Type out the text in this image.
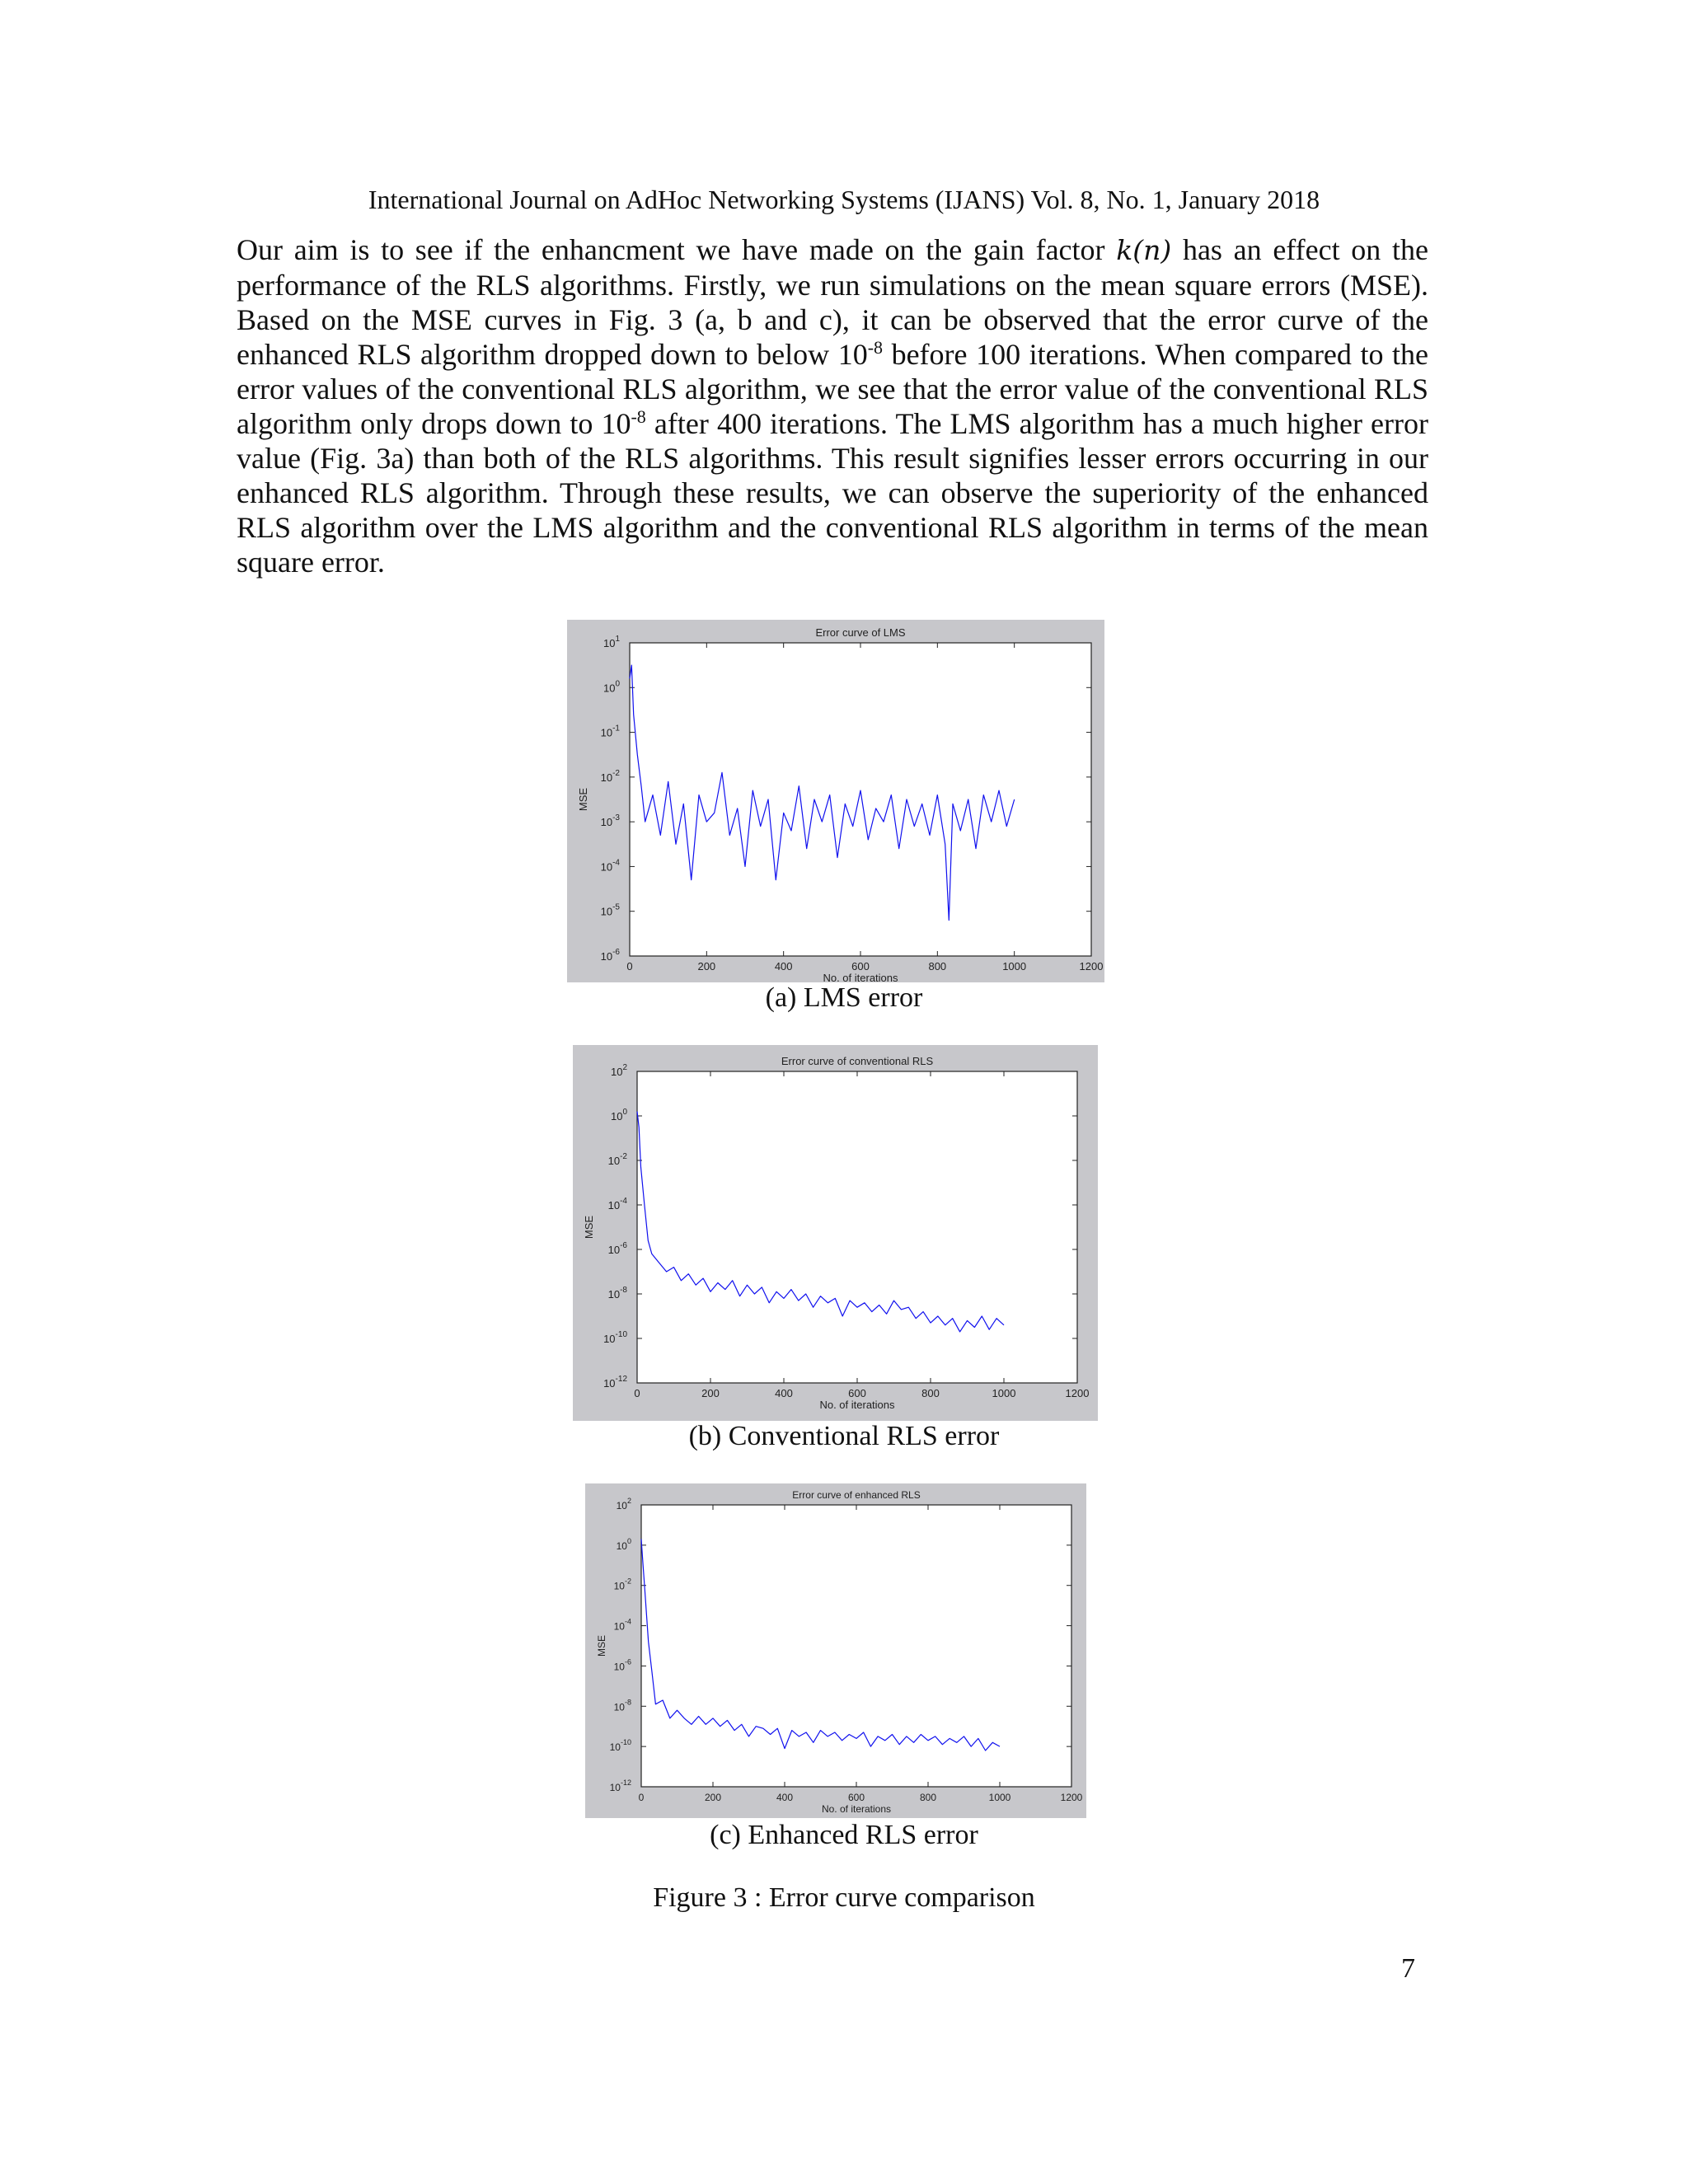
International Journal on AdHoc Networking Systems (IJANS) Vol. 8, No. 1, January 2018

Our aim is to see if the enhancment we have made on the gain factor k(n) has an effect on the performance of the RLS algorithms. Firstly, we run simulations on the mean square errors (MSE). Based on the MSE curves in Fig. 3 (a, b and c), it can be observed that the error curve of the enhanced RLS algorithm dropped down to below $10^{-8}$ before 100 iterations. When compared to the error values of the conventional RLS algorithm, we see that the error value of the conventional RLS algorithm only drops down to $10^{-8}$ after 400 iterations. The LMS algorithm has a much higher error value (Fig. 3a) than both of the RLS algorithms. This result signifies lesser errors occurring in our enhanced RLS algorithm. Through these results, we can observe the superiority of the enhanced RLS algorithm over the LMS algorithm and the conventional RLS algorithm in terms of the mean square error.

Error curve of LMS
0	200	400	600	800	1000	1200
$10^1$
$10^0$
$10^{-1}$
$10^{-2}$
$10^{-3}$
$10^{-4}$
$10^{-5}$
$10^{-6}$
No. of iterations
MSE
(a) LMS error
Error curve of conventional RLS
0	200	400	600	800	1000	1200
$10^2$
$10^0$
$10^{-2}$
$10^{-4}$
$10^{-6}$
$10^{-8}$
$10^{-10}$
$10^{-12}$
No. of iterations
MSE
(b) Conventional RLS error
Error curve of enhanced RLS
0	200	400	600	800	1000	1200
$10^2$
$10^0$
$10^{-2}$
$10^{-4}$
$10^{-6}$
$10^{-8}$
$10^{-10}$
$10^{-12}$
No. of iterations
MSE
(c) Enhanced RLS error
Figure 3 : Error curve comparison
7
